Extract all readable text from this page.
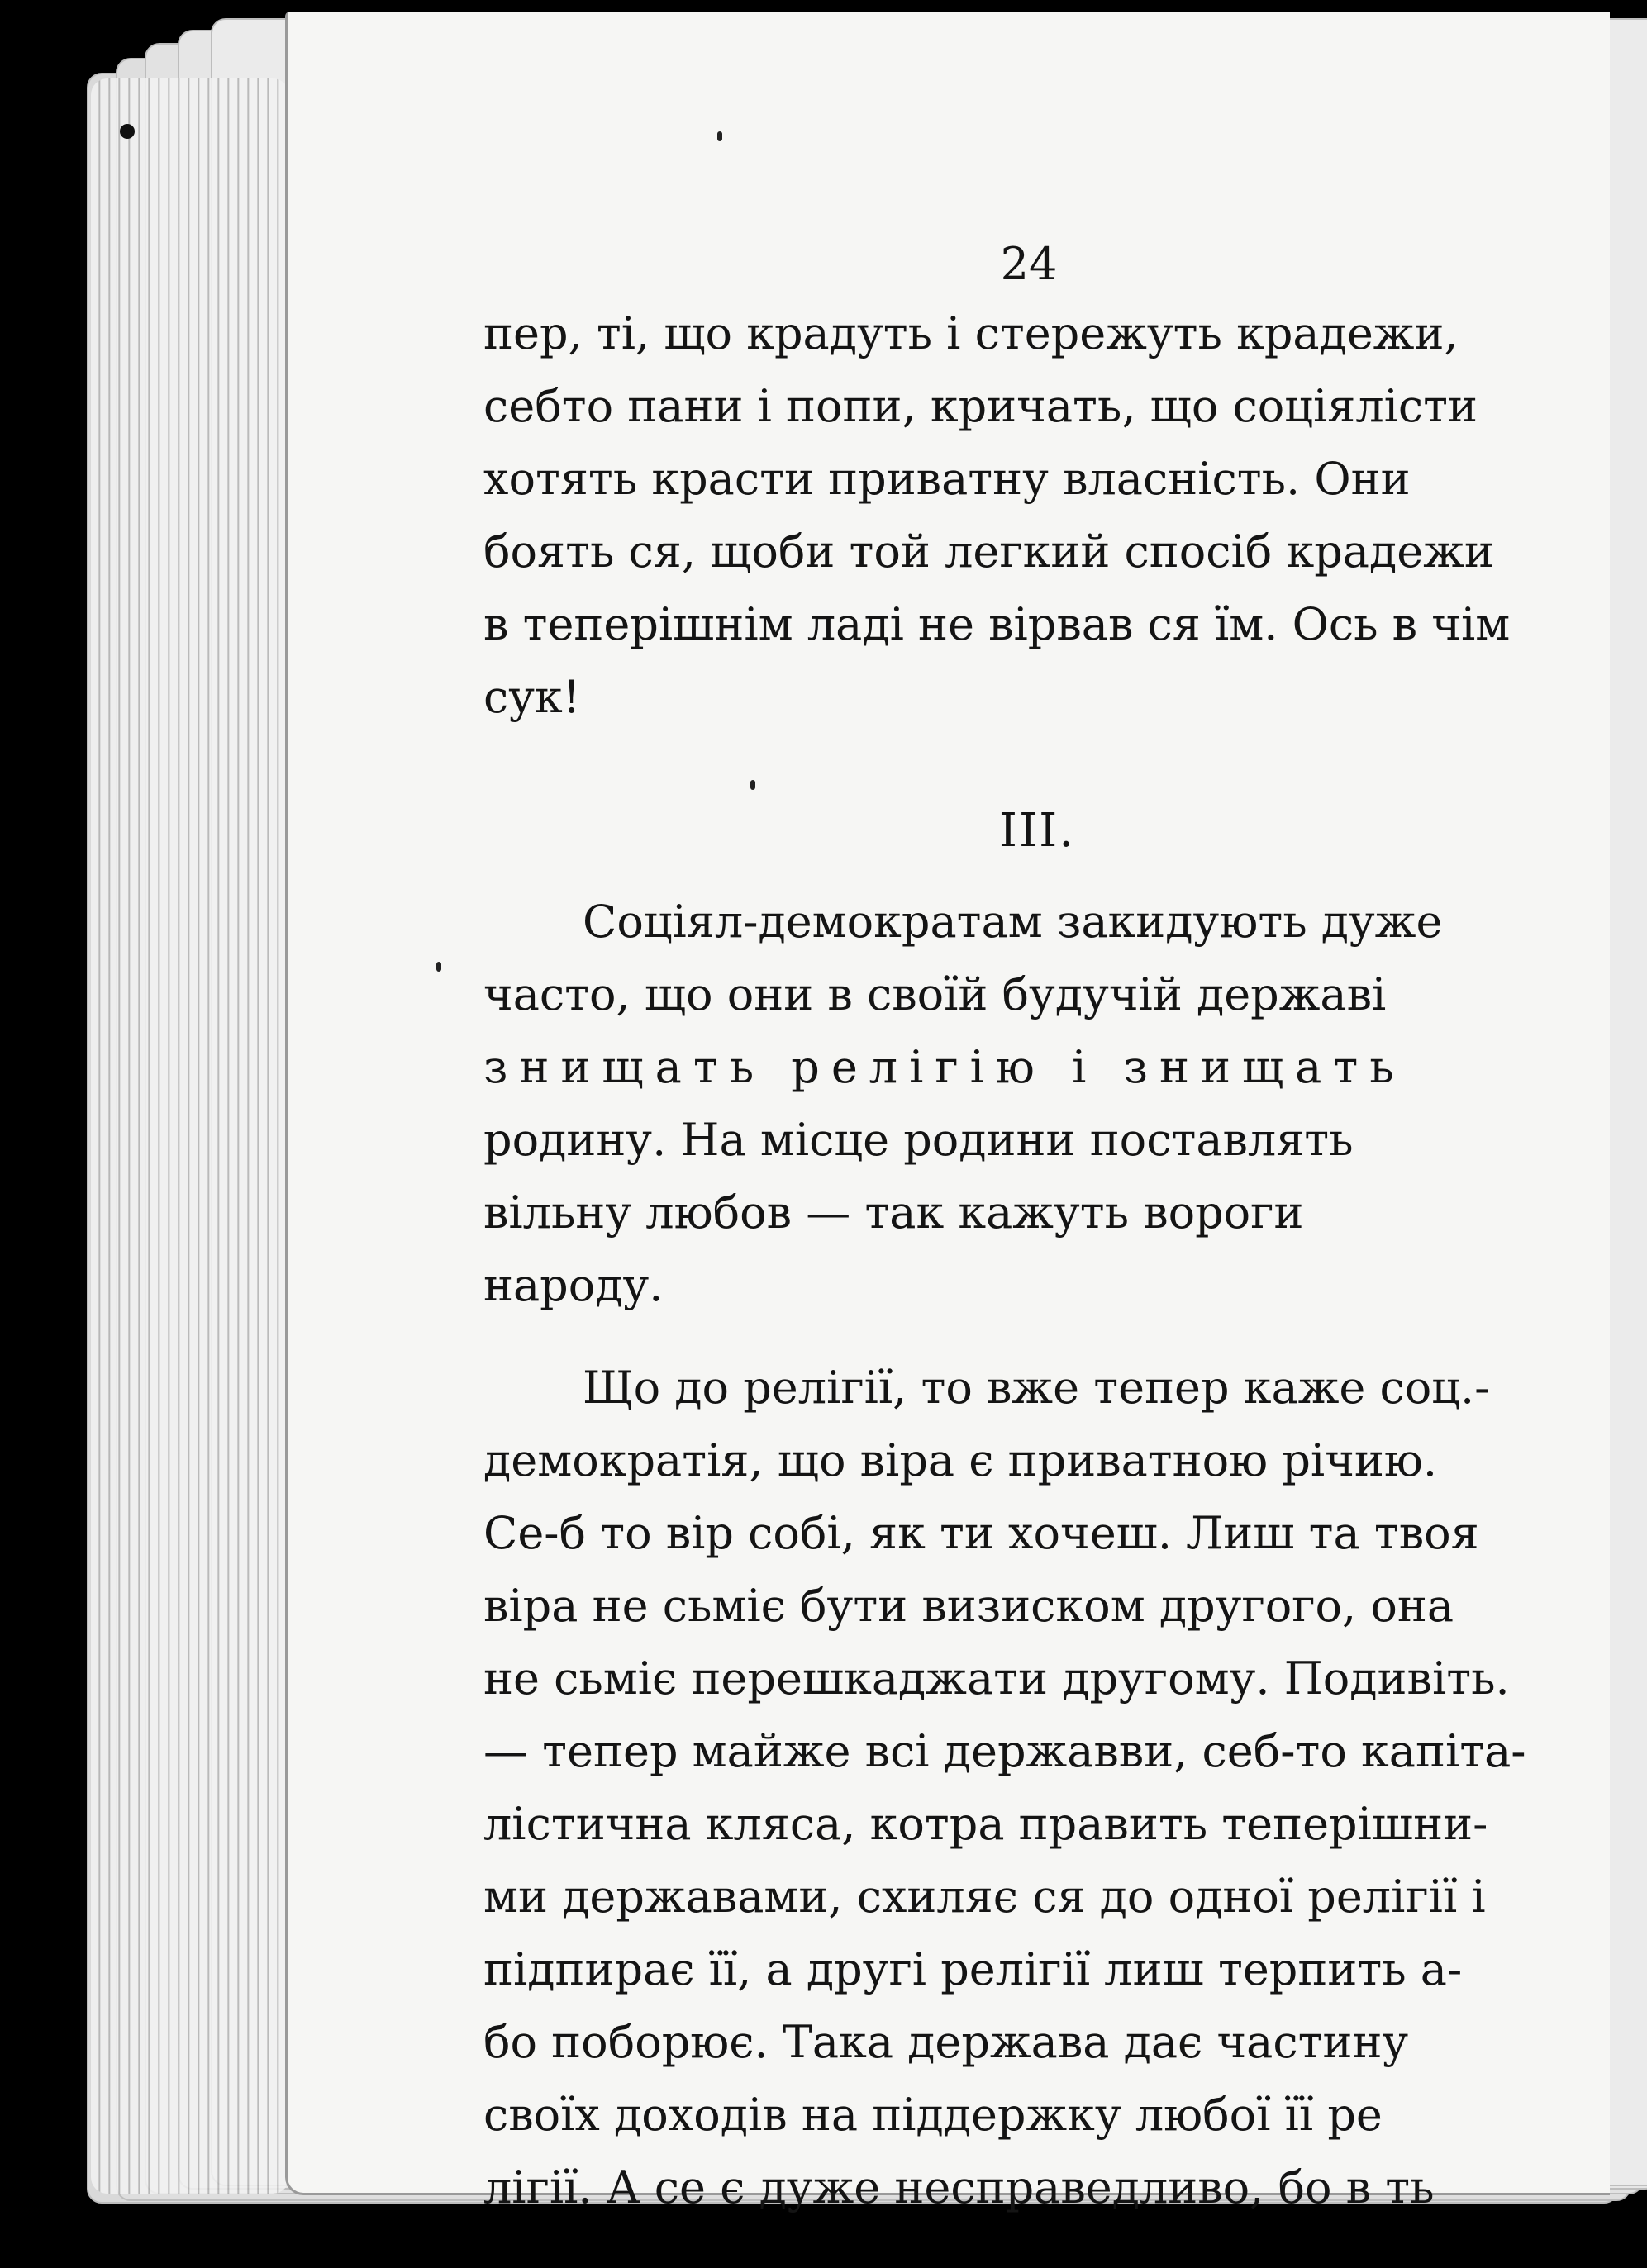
24

пер, ті, що крадуть і стережуть крадежи,
себто пани і попи, кричать, що соціялісти
хотять красти приватну власність. Они
боять ся, щоби той легкий спосіб крадежи
в теперішнім ладі не вірвав ся їм. Ось в чім
сук!

III.

Соціял-демократам закидують дуже
часто, що они в своїй будучій державі
знищать релігію і знищать
родину. На місце родини поставлять
вільну любов — так кажуть вороги
народу.

Що до релігії, то вже тепер каже соц.-
демократія, що віра є приватною річию.
Се-б то вір собі, як ти хочеш. Лиш та твоя
віра не сьміє бути визиском другого, она
не сьміє перешкаджати другому. Подивіть.
— тепер майже всі державви, себ-то капіта-
лістична кляса, котра править теперішни-
ми державами, схиляє ся до одної релігії і
підпирає її, а другі релігії лиш терпить а-
бо поборює. Така держава дає частину
своїх доходів на піддержку любої її ре
лігії. А се є дуже несправедливо, бо в ть
